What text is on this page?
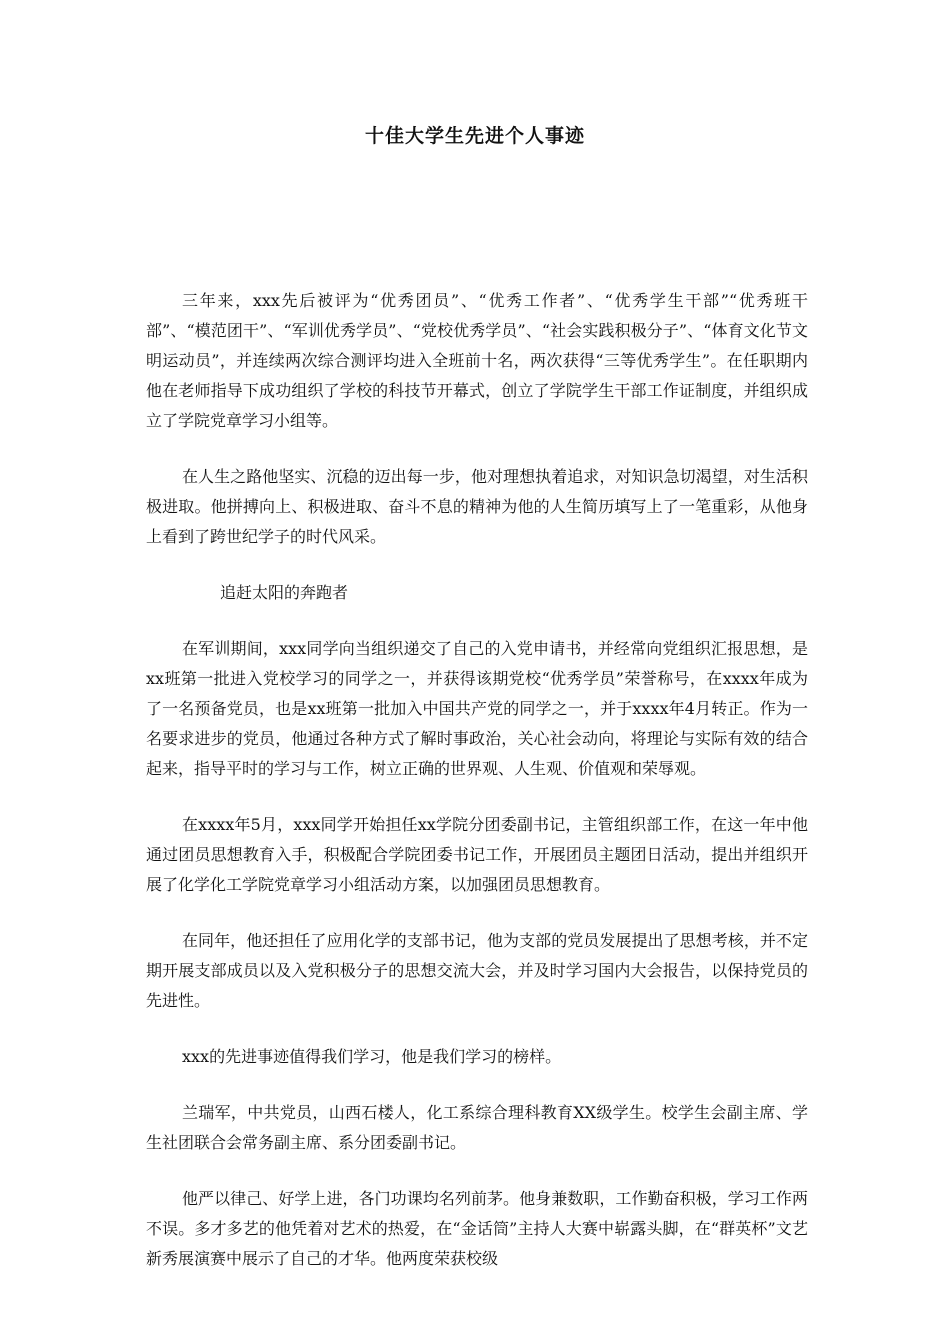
十佳大学生先进个人事迹

三年来，xxx先后被评为“优秀团员”、“优秀工作者”、“优秀学生干部”“优秀班干部”、“模范团干”、“军训优秀学员”、“党校优秀学员”、“社会实践积极分子”、“体育文化节文明运动员”，并连续两次综合测评均进入全班前十名，两次获得“三等优秀学生”。在任职期内他在老师指导下成功组织了学校的科技节开幕式，创立了学院学生干部工作证制度，并组织成立了学院党章学习小组等。

在人生之路他坚实、沉稳的迈出每一步，他对理想执着追求，对知识急切渴望，对生活积极进取。他拼搏向上、积极进取、奋斗不息的精神为他的人生简历填写上了一笔重彩，从他身上看到了跨世纪学子的时代风采。

追赶太阳的奔跑者

在军训期间，xxx同学向当组织递交了自己的入党申请书，并经常向党组织汇报思想，是xx班第一批进入党校学习的同学之一，并获得该期党校“优秀学员”荣誉称号，在xxxx年成为了一名预备党员，也是xx班第一批加入中国共产党的同学之一，并于xxxx年4月转正。作为一名要求进步的党员，他通过各种方式了解时事政治，关心社会动向，将理论与实际有效的结合起来，指导平时的学习与工作，树立正确的世界观、人生观、价值观和荣辱观。

在xxxx年5月，xxx同学开始担任xx学院分团委副书记，主管组织部工作，在这一年中他通过团员思想教育入手，积极配合学院团委书记工作，开展团员主题团日活动，提出并组织开展了化学化工学院党章学习小组活动方案，以加强团员思想教育。

在同年，他还担任了应用化学的支部书记，他为支部的党员发展提出了思想考核，并不定期开展支部成员以及入党积极分子的思想交流大会，并及时学习国内大会报告，以保持党员的先进性。

xxx的先进事迹值得我们学习，他是我们学习的榜样。

兰瑞军，中共党员，山西石楼人，化工系综合理科教育XX级学生。校学生会副主席、学生社团联合会常务副主席、系分团委副书记。

他严以律己、好学上进，各门功课均名列前茅。他身兼数职，工作勤奋积极，学习工作两不误。多才多艺的他凭着对艺术的热爱，在“金话筒”主持人大赛中崭露头脚，在“群英杯”文艺新秀展演赛中展示了自己的才华。他两度荣获校级
